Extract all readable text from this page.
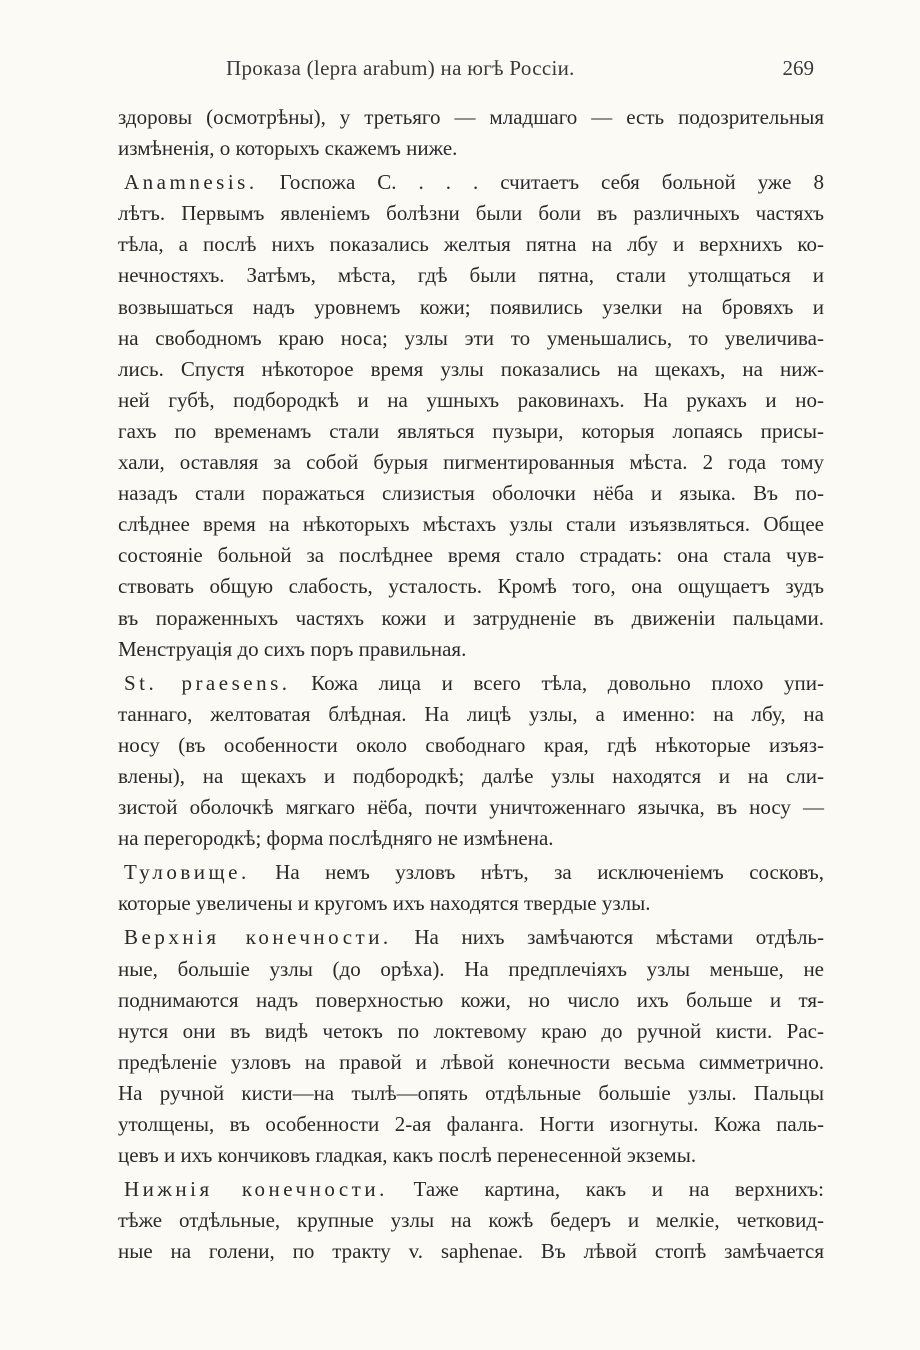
Проказа (lepra arabum) на югѣ Россіи.	269

здоровы (осмотрѣны), у третьяго — младшаго — есть подозрительныя
измѣненія, о которыхъ скажемъ ниже.

Anamnesis. Госпожа С. . . . считаетъ себя больной уже 8
лѣтъ. Первымъ явленіемъ болѣзни были боли въ различныхъ частяхъ
тѣла, а послѣ нихъ показались желтыя пятна на лбу и верхнихъ ко-
нечностяхъ. Затѣмъ, мѣста, гдѣ были пятна, стали утолщаться и
возвышаться надъ уровнемъ кожи; появились узелки на бровяхъ и
на свободномъ краю носа; узлы эти то уменьшались, то увеличива-
лись. Спустя нѣкоторое время узлы показались на щекахъ, на ниж-
ней губѣ, подбородкѣ и на ушныхъ раковинахъ. На рукахъ и но-
гахъ по временамъ стали являться пузыри, которыя лопаясь присы-
хали, оставляя за собой бурыя пигментированныя мѣста. 2 года тому
назадъ стали поражаться слизистыя оболочки нёба и языка. Въ по-
слѣднее время на нѣкоторыхъ мѣстахъ узлы стали изъязвляться. Общее
состояніе больной за послѣднее время стало страдать: она стала чув-
ствовать общую слабость, усталость. Кромѣ того, она ощущаетъ зудъ
въ пораженныхъ частяхъ кожи и затрудненіе въ движеніи пальцами.
Менструація до сихъ поръ правильная.

St. praesens. Кожа лица и всего тѣла, довольно плохо упи-
таннаго, желтоватая блѣдная. На лицѣ узлы, а именно: на лбу, на
носу (въ особенности около свободнаго края, гдѣ нѣкоторые изъяз-
влены), на щекахъ и подбородкѣ; далѣе узлы находятся и на сли-
зистой оболочкѣ мягкаго нёба, почти уничтоженнаго язычка, въ носу —
на перегородкѣ; форма послѣдняго не измѣнена.

Туловище. На немъ узловъ нѣтъ, за исключеніемъ сосковъ,
которые увеличены и кругомъ ихъ находятся твердые узлы.

Верхнія конечности. На нихъ замѣчаются мѣстами отдѣль-
ные, большіе узлы (до орѣха). На предплечіяхъ узлы меньше, не
поднимаются надъ поверхностью кожи, но число ихъ больше и тя-
нутся они въ видѣ четокъ по локтевому краю до ручной кисти. Рас-
предѣленіе узловъ на правой и лѣвой конечности весьма симметрично.
На ручной кисти—на тылѣ—опять отдѣльные большіе узлы. Пальцы
утолщены, въ особенности 2-ая фаланга. Ногти изогнуты. Кожа паль-
цевъ и ихъ кончиковъ гладкая, какъ послѣ перенесенной экземы.

Нижнія конечности. Таже картина, какъ и на верхнихъ:
тѣже отдѣльные, крупные узлы на кожѣ бедеръ и мелкіе, четковид-
ные на голени, по тракту v. saphenae. Въ лѣвой стопѣ замѣчается
